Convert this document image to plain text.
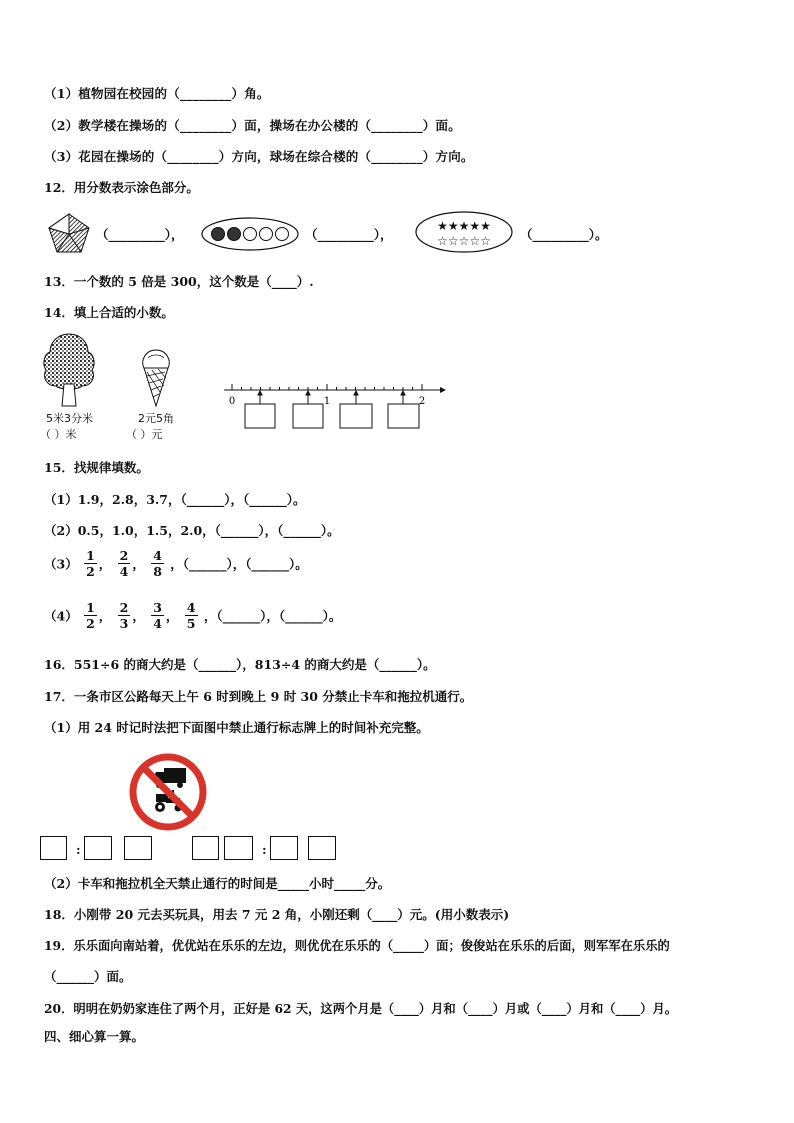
（1）植物园在校园的（________）角。
（2）教学楼在操场的（________）面，操场在办公楼的（________）面。
（3）花园在操场的（________）方向，球场在综合楼的（________）方向。
12．用分数表示涂色部分。
（_________），	（_________），
★★★★★
☆☆☆☆☆ （_________）。
13．一个数的 5 倍是 300，这个数是（____）.
14．填上合适的小数。
5米3分米
（ ）米
2元5角
（ ）元
0	1	2
15．找规律填数。
（1）1.9，2.8，3.7，（______），（______）。
（2）0.5，1.0，1.5，2.0，（______），（______）。
$(3) \frac{1}{2}$ ， $\frac{2}{4}$ ， $\frac{4}{8}$ ，（______），（______）。
$(4) \frac{1}{2}$ ， $\frac{2}{3}$ ， $\frac{3}{4}$ ， $\frac{4}{5}$ ，（______），（______）。
16．551÷6 的商大约是（______），813÷4 的商大约是（______）。
17．一条市区公路每天上午 6 时到晚上 9 时 30 分禁止卡车和拖拉机通行。
（1）用 24 时记时法把下面图中禁止通行标志牌上的时间补充完整。
:	:
（2）卡车和拖拉机全天禁止通行的时间是_____小时_____分。
18．小刚带 20 元去买玩具，用去 7 元 2 角，小刚还剩（____）元。(用小数表示)
19．乐乐面向南站着，优优站在乐乐的左边，则优优在乐乐的（_____）面；俊俊站在乐乐的后面，则军军在乐乐的
（______）面。
20．明明在奶奶家连住了两个月，正好是 62 天，这两个月是（____）月和（____）月或（____）月和（____）月。
四、细心算一算。
